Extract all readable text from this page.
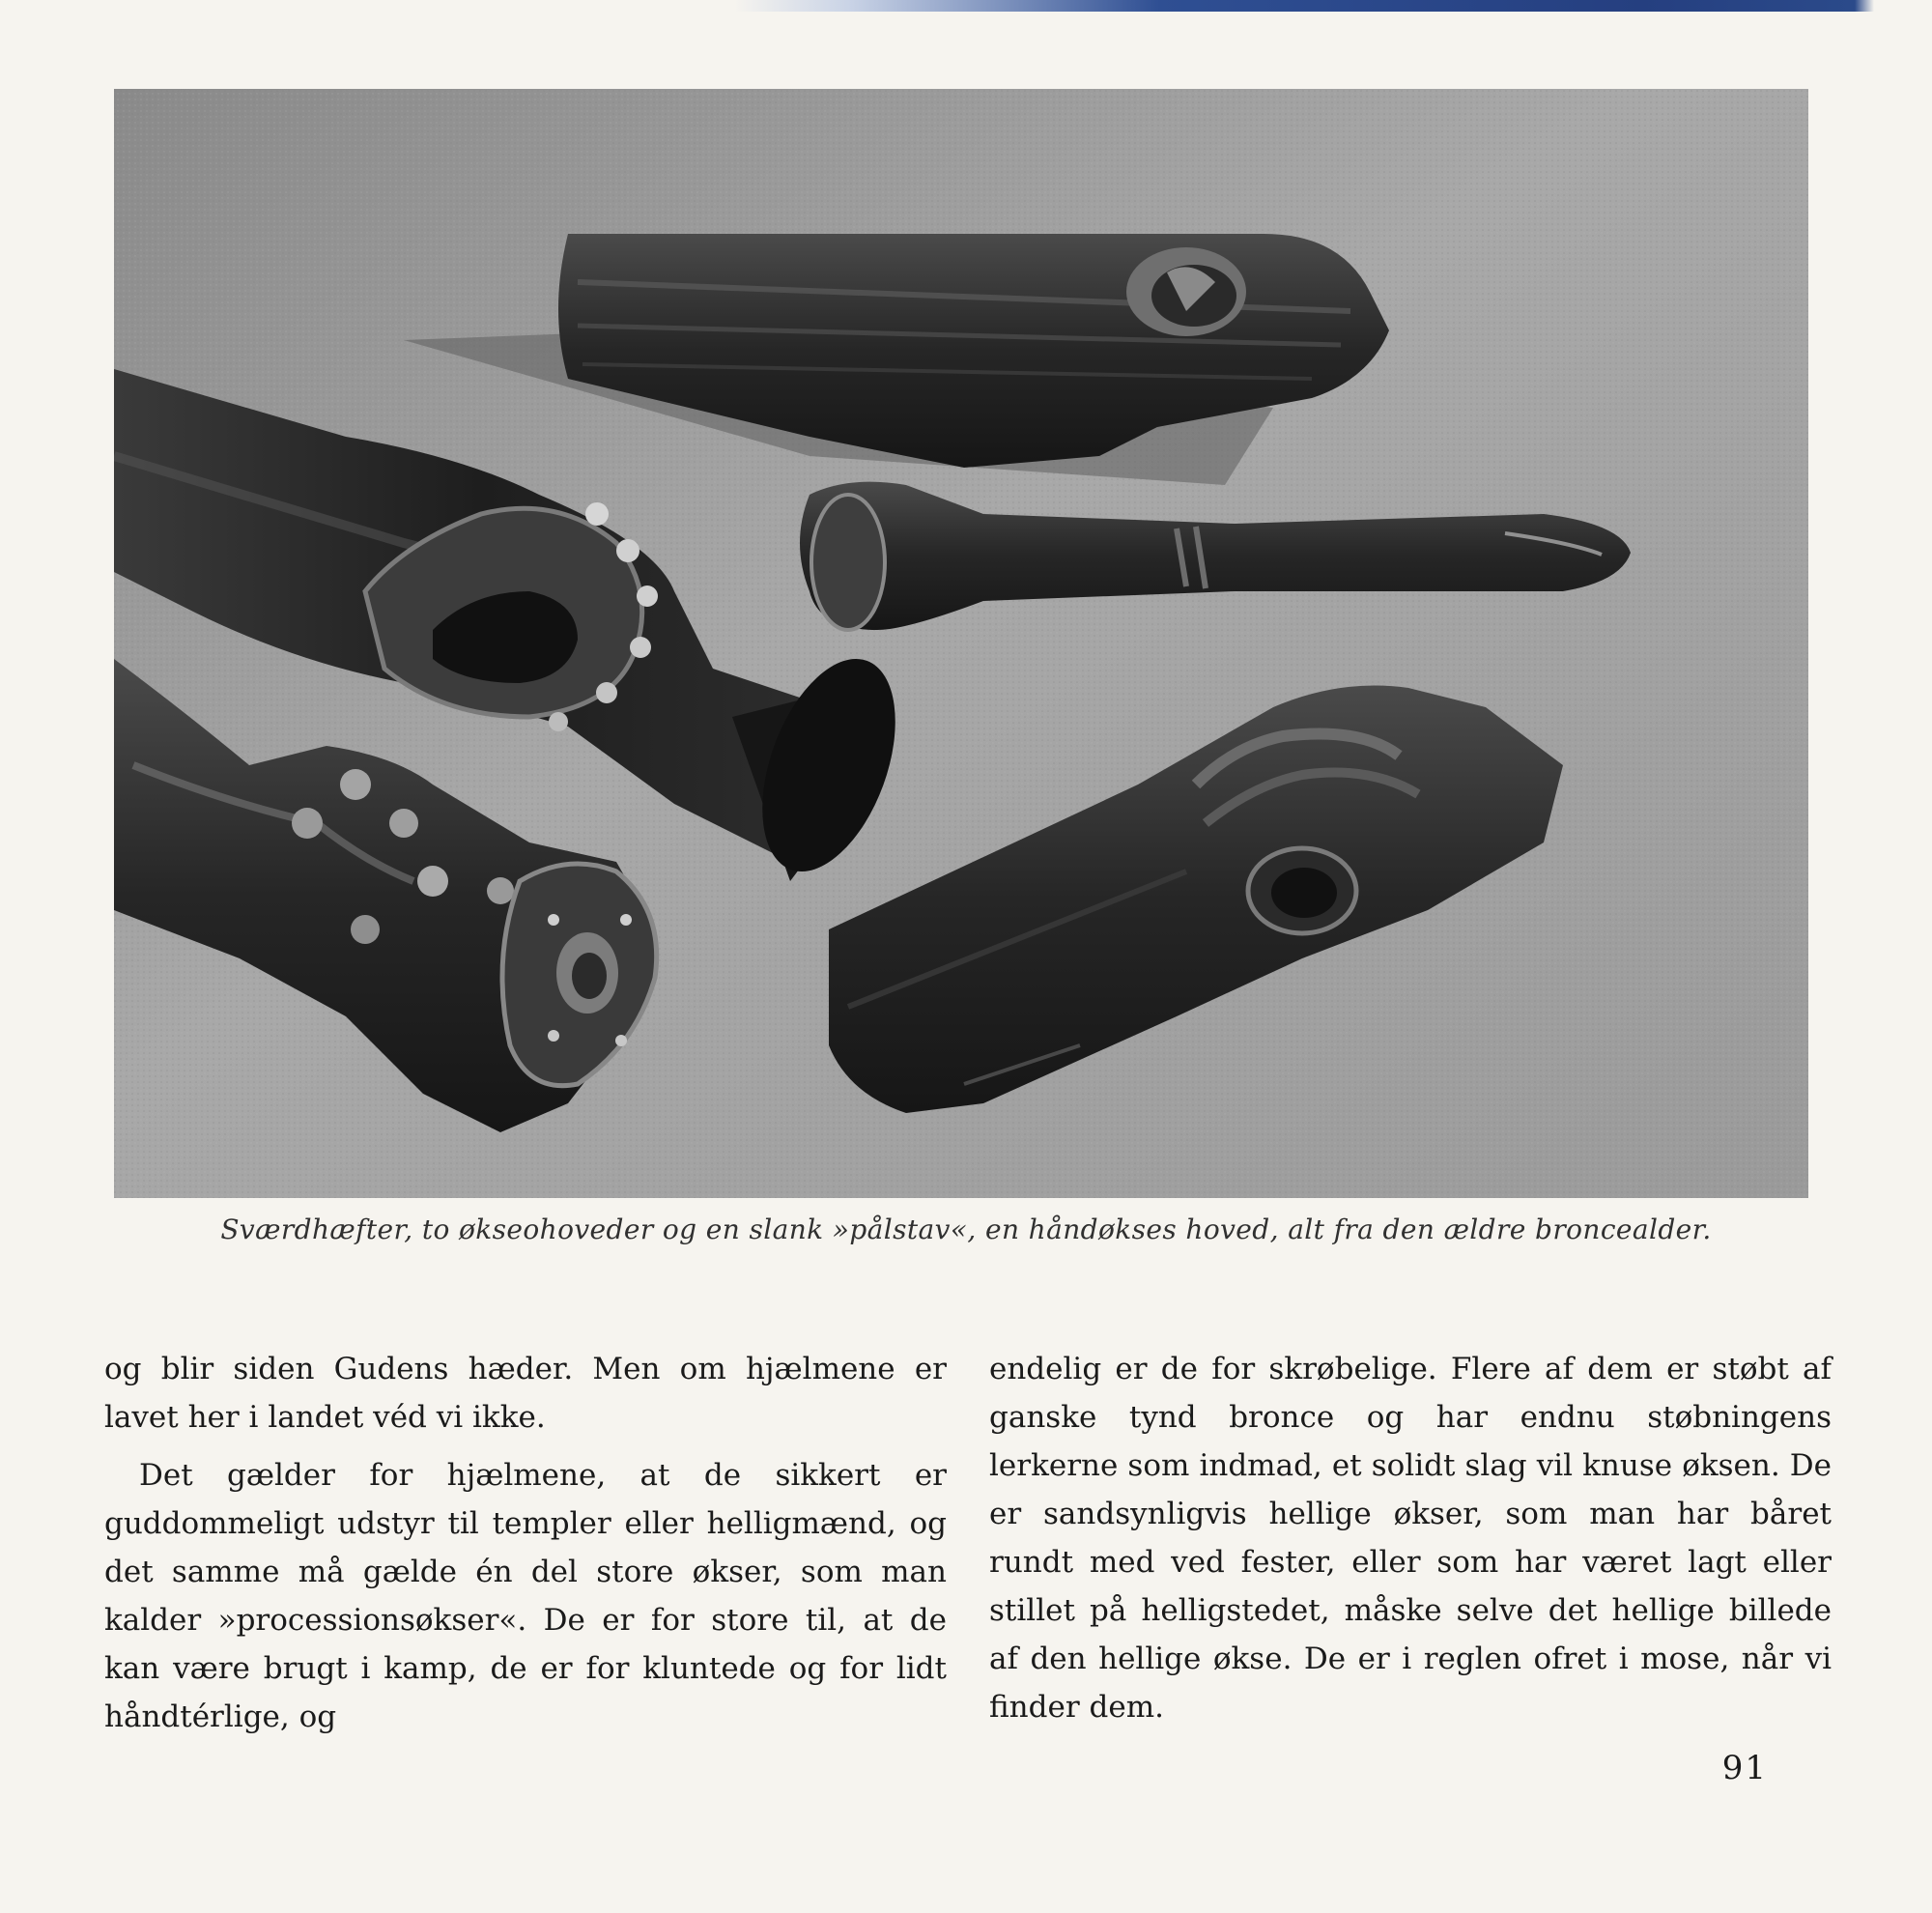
Sværdhæfter, to økseohoveder og en slank »pålstav«, en håndøkses hoved, alt fra den ældre broncealder.

og blir siden Gudens hæder. Men om hjælmene er lavet her i landet véd vi ikke.

Det gælder for hjælmene, at de sikkert er guddommeligt udstyr til templer eller helligmænd, og det samme må gælde én del store økser, som man kalder »processionsøkser«. De er for store til, at de kan være brugt i kamp, de er for kluntede og for lidt håndtérlige, og

endelig er de for skrøbelige. Flere af dem er støbt af ganske tynd bronce og har endnu støbningens lerkerne som indmad, et solidt slag vil knuse øksen. De er sandsynligvis hellige økser, som man har båret rundt med ved fester, eller som har været lagt eller stillet på helligstedet, måske selve det hellige billede af den hellige økse. De er i reglen ofret i mose, når vi finder dem.

91
